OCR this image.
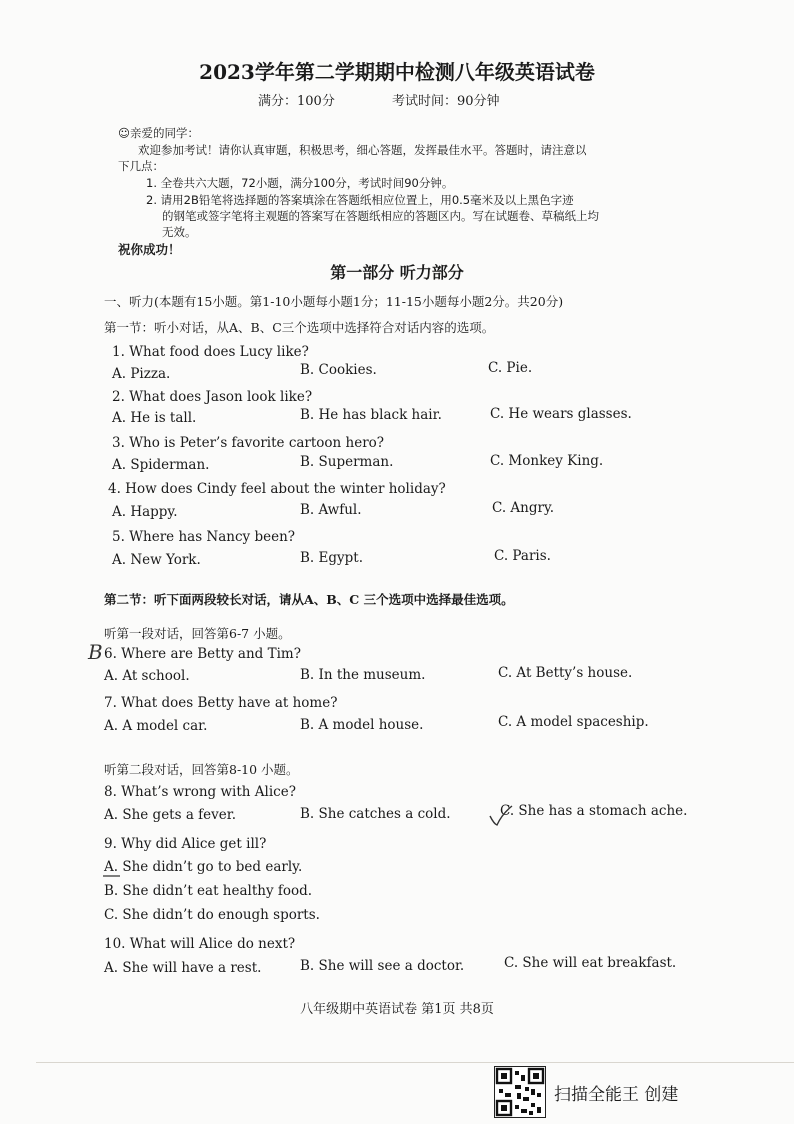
2023学年第二学期期中检测八年级英语试卷
满分：100分	考试时间：90分钟
☺亲爱的同学：
欢迎参加考试！请你认真审题，积极思考，细心答题，发挥最佳水平。答题时，请注意以
下几点：
1. 全卷共六大题，72小题，满分100分，考试时间90分钟。
2. 请用2B铅笔将选择题的答案填涂在答题纸相应位置上，用0.5毫米及以上黑色字迹
的钢笔或签字笔将主观题的答案写在答题纸相应的答题区内。写在试题卷、草稿纸上均
无效。
祝你成功！
第一部分 听力部分
一、听力(本题有15小题。第1-10小题每小题1分；11-15小题每小题2分。共20分)
第一节：听小对话，从A、B、C三个选项中选择符合对话内容的选项。
1. What food does Lucy like?
A. Pizza.	B. Cookies.	C. Pie.
2. What does Jason look like?
A. He is tall.	B. He has black hair.	C. He wears glasses.
3. Who is Peter’s favorite cartoon hero?
A. Spiderman.	B. Superman.	C. Monkey King.
4. How does Cindy feel about the winter holiday?
A. Happy.	B. Awful.	C. Angry.
5. Where has Nancy been?
A. New York.	B. Egypt.	C. Paris.
第二节：听下面两段较长对话，请从A、B、C 三个选项中选择最佳选项。
听第一段对话，回答第6-7 小题。
B 6. Where are Betty and Tim?
A. At school.	B. In the museum.	C. At Betty’s house.
7. What does Betty have at home?
A. A model car.	B. A model house.	C. A model spaceship.
听第二段对话，回答第8-10 小题。
8. What’s wrong with Alice?
A. She gets a fever.	B. She catches a cold.	C. She has a stomach ache.
9. Why did Alice get ill?
A. She didn’t go to bed early.
B. She didn’t eat healthy food.
C. She didn’t do enough sports.
10. What will Alice do next?
A. She will have a rest.	B. She will see a doctor.	C. She will eat breakfast.
八年级期中英语试卷 第1页 共8页
扫描全能王 创建
